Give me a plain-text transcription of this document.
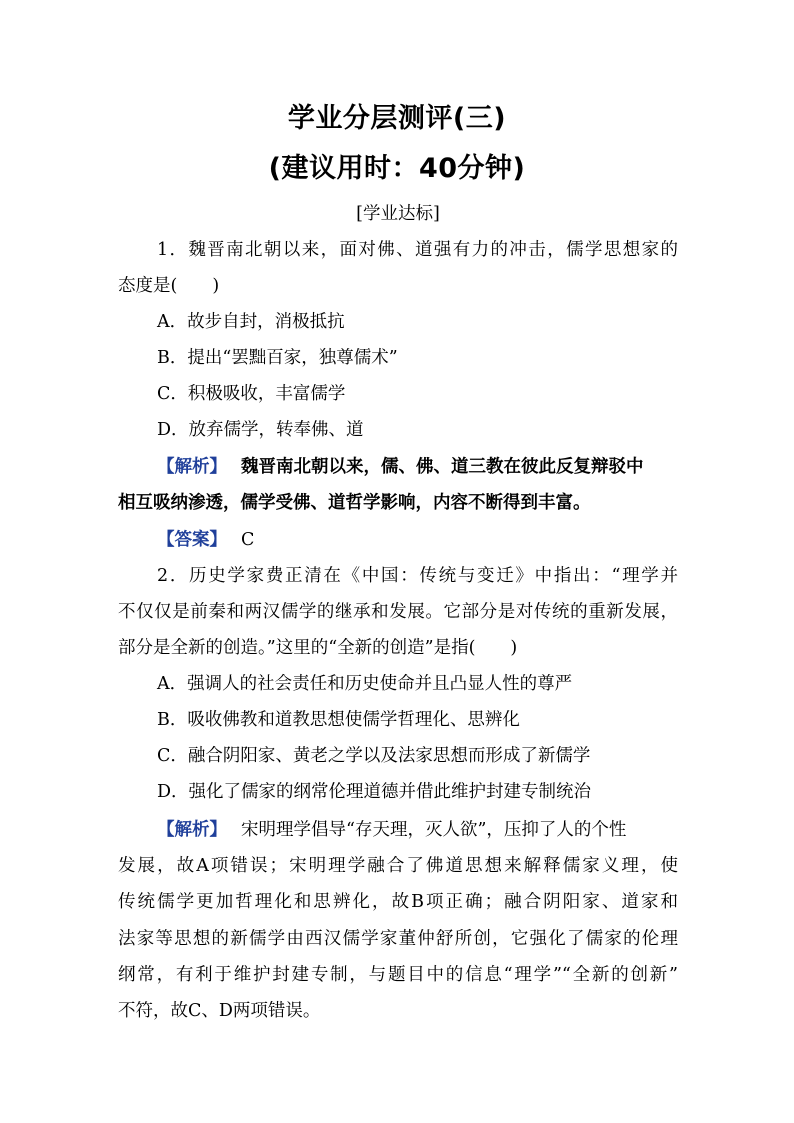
学业分层测评(三)
(建议用时：40分钟)
[学业达标]
1．魏晋南北朝以来，面对佛、道强有力的冲击，儒学思想家的
态度是(　　)
A．故步自封，消极抵抗
B．提出“罢黜百家，独尊儒术”
C．积极吸收，丰富儒学
D．放弃儒学，转奉佛、道
【解析】 魏晋南北朝以来，儒、佛、道三教在彼此反复辩驳中
相互吸纳渗透，儒学受佛、道哲学影响，内容不断得到丰富。
【答案】 C
2．历史学家费正清在《中国：传统与变迁》中指出：“理学并
不仅仅是前秦和两汉儒学的继承和发展。它部分是对传统的重新发展，
部分是全新的创造。”这里的“全新的创造”是指(　　)
A．强调人的社会责任和历史使命并且凸显人性的尊严
B．吸收佛教和道教思想使儒学哲理化、思辨化
C．融合阴阳家、黄老之学以及法家思想而形成了新儒学
D．强化了儒家的纲常伦理道德并借此维护封建专制统治
【解析】 宋明理学倡导“存天理，灭人欲”，压抑了人的个性
发展，故A项错误；宋明理学融合了佛道思想来解释儒家义理，使
传统儒学更加哲理化和思辨化，故B项正确；融合阴阳家、道家和
法家等思想的新儒学由西汉儒学家董仲舒所创，它强化了儒家的伦理
纲常，有利于维护封建专制，与题目中的信息“理学”“全新的创新”
不符，故C、D两项错误。
